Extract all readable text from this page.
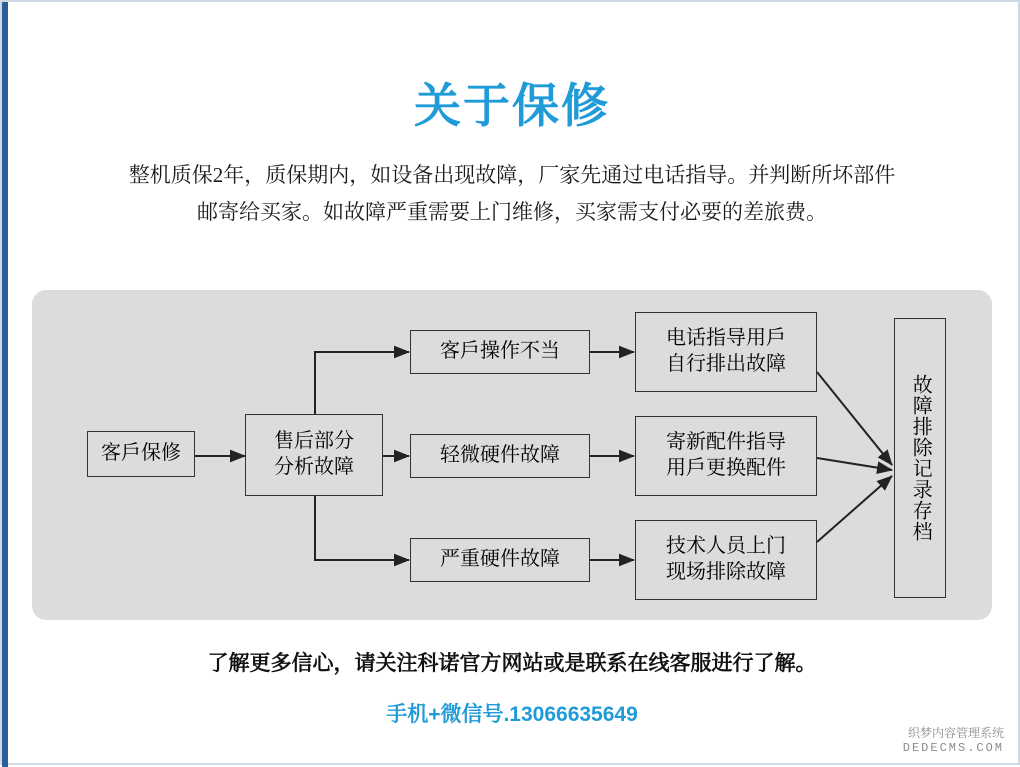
关于保修
整机质保2年，质保期内，如设备出现故障，厂家先通过电话指导。并判断所坏部件
邮寄给买家。如故障严重需要上门维修，买家需支付必要的差旅费。
客戶保修
售后部分
分析故障
客戶操作不当
轻微硬件故障
严重硬件故障
电话指导用戶
自行排出故障
寄新配件指导
用戶更换配件
技术人员上门
现场排除故障
故障排除记录存档
了解更多信心，请关注科诺官方网站或是联系在线客服进行了解。
手机+微信号.13066635649
织梦内容管理系统
DEDECMS.COM
